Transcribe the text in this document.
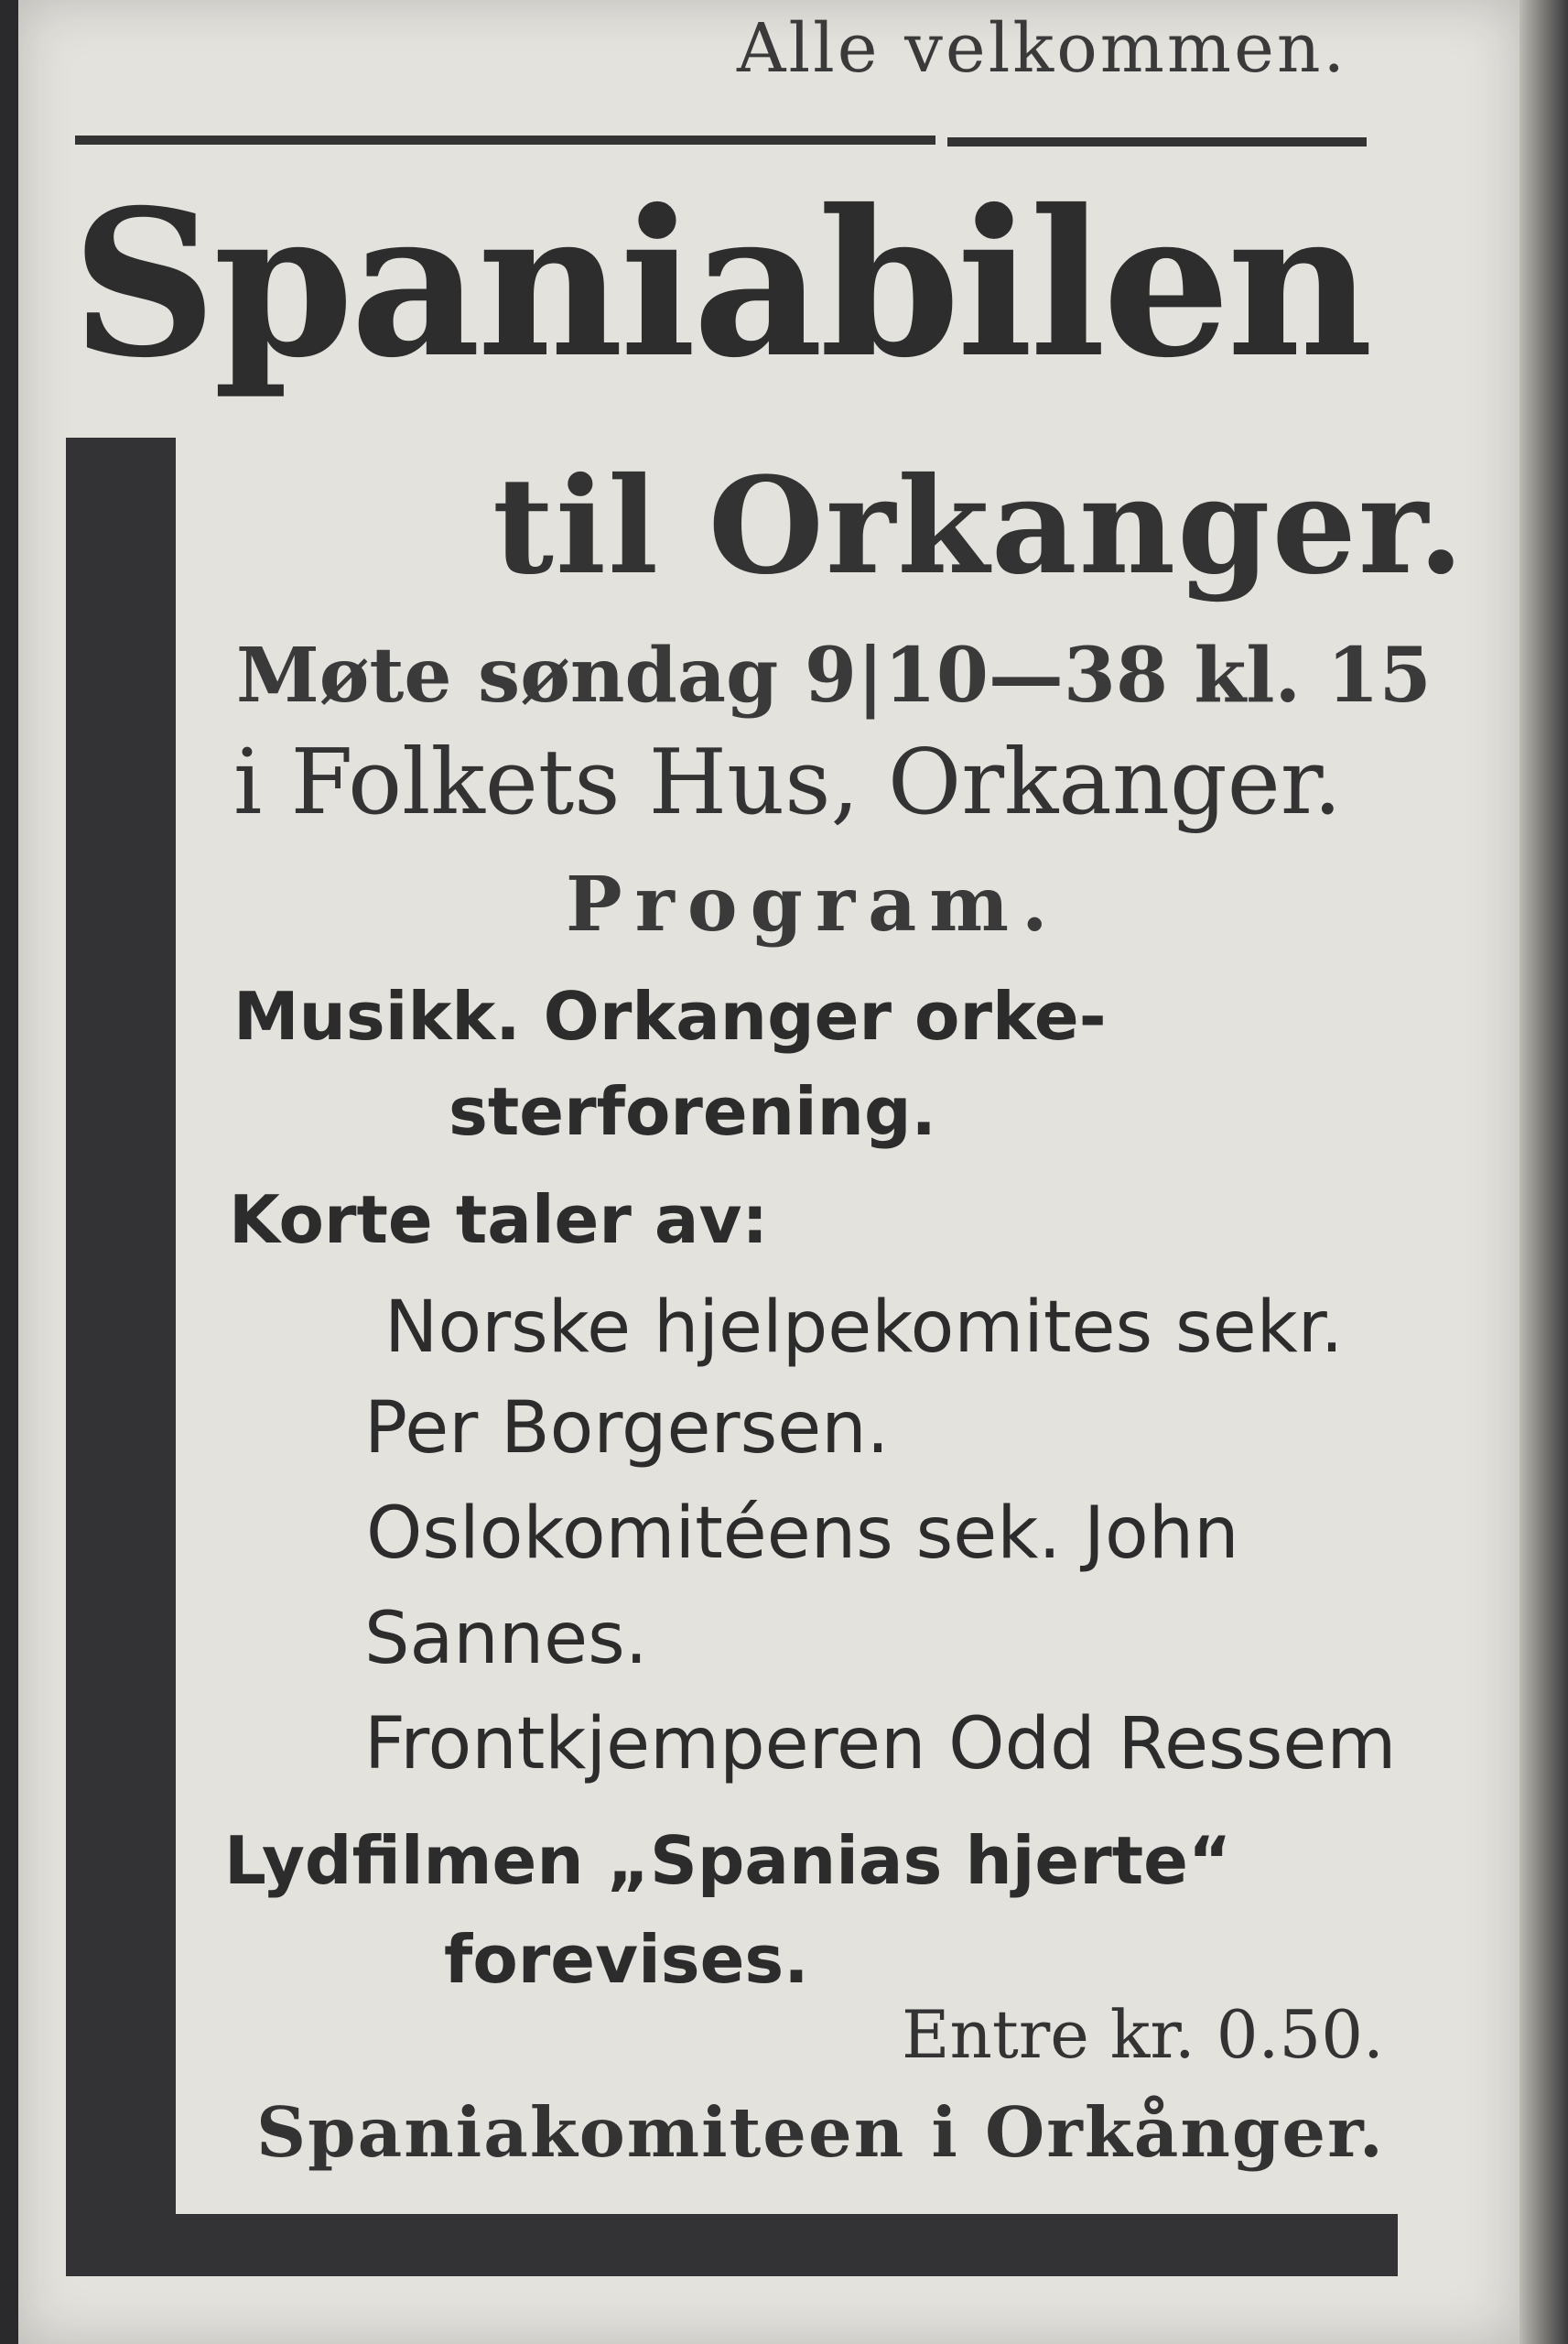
Alle velkommen.

Spaniabilen
til Orkanger.

Møte søndag 9|10—38 kl. 15

i Folkets Hus, Orkanger.

Program.

Musikk. Orkanger orke-

sterforening.

Korte taler av:

Norske hjelpekomites sekr.

Per Borgersen.

Oslokomitéens sek. John

Sannes.

Frontkjemperen Odd Ressem

Lydfilmen „Spanias hjerte“

forevises.

Entre kr. 0.50.

Spaniakomiteen i Orkånger.
